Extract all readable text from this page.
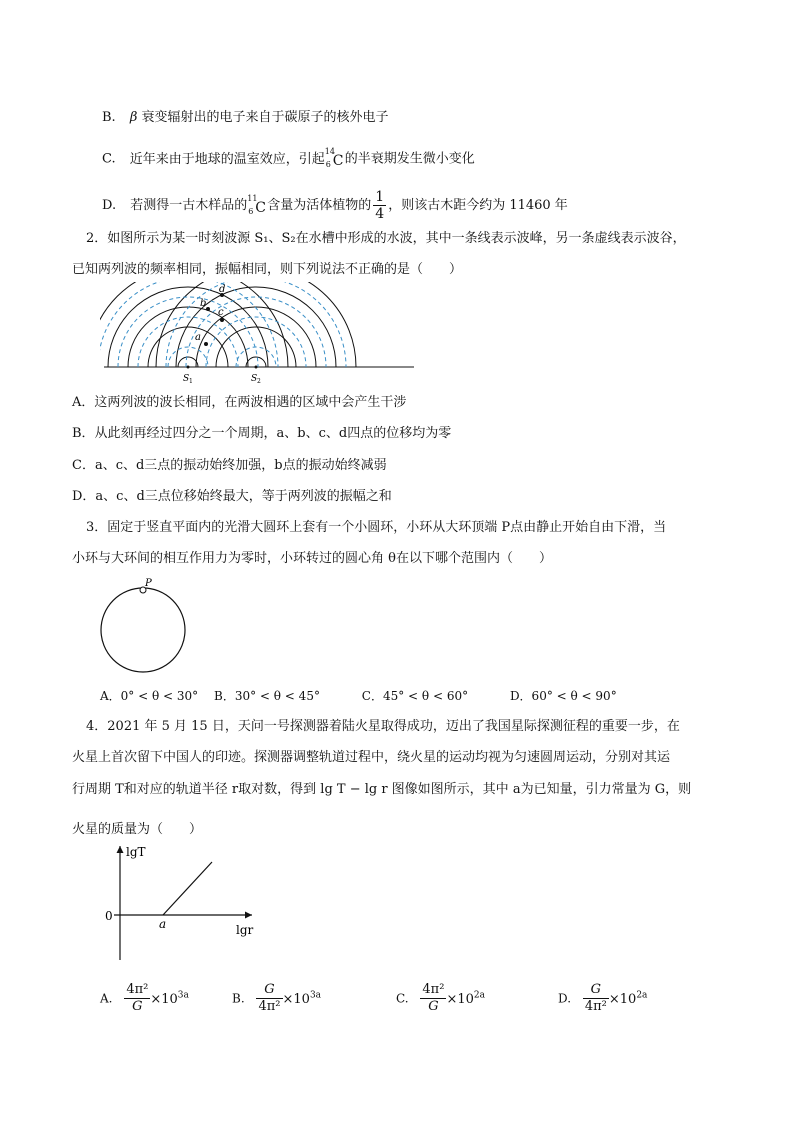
B. β 衰变辐射出的电子来自于碳原子的核外电子
C. 近年来由于地球的温室效应，引起 14
6 C 的半衰期发生微小变化
D. 若测得一古木样品的 11
6 C 含量为活体植物的 $\frac{1}{4}$ ，则该古木距今约为 11460 年
2．如图所示为某一时刻波源 S₁、S₂在水槽中形成的水波，其中一条线表示波峰，另一条虚线表示波谷，
已知两列波的频率相同，振幅相同，则下列说法不正确的是（　　）
a
b
c
d
S 1	S 2
A．这两列波的波长相同，在两波相遇的区域中会产生干涉
B．从此刻再经过四分之一个周期，a、b、c、d四点的位移均为零
C．a、c、d三点的振动始终加强，b点的振动始终减弱
D．a、c、d三点位移始终最大，等于两列波的振幅之和
3．固定于竖直平面内的光滑大圆环上套有一个小圆环，小环从大环顶端 P点由静止开始自由下滑，当
小环与大环间的相互作用力为零时，小环转过的圆心角 θ在以下哪个范围内（　　）
P
A．0° < θ < 30° B．30° < θ < 45°	C．45° < θ < 60°	D．60° < θ < 90°
4．2021 年 5 月 15 日，天问一号探测器着陆火星取得成功，迈出了我国星际探测征程的重要一步，在
火星上首次留下中国人的印迹。探测器调整轨道过程中，绕火星的运动均视为匀速圆周运动，分别对其运
行周期 T和对应的轨道半径 r取对数，得到 lg T − lg r 图像如图所示，其中 a为已知量，引力常量为 G，则
火星的质量为（　　）
lgT
lgr
0
a
A. $\frac{\text{4π²}}{G} \times 10^{3a}$	B. $\frac{G}{\text{4π²}} \times 10^{3a}$	C. $\frac{\text{4π²}}{G} \times 10^{2a}$	D. $\frac{G}{\text{4π²}} \times 10^{2a}$
